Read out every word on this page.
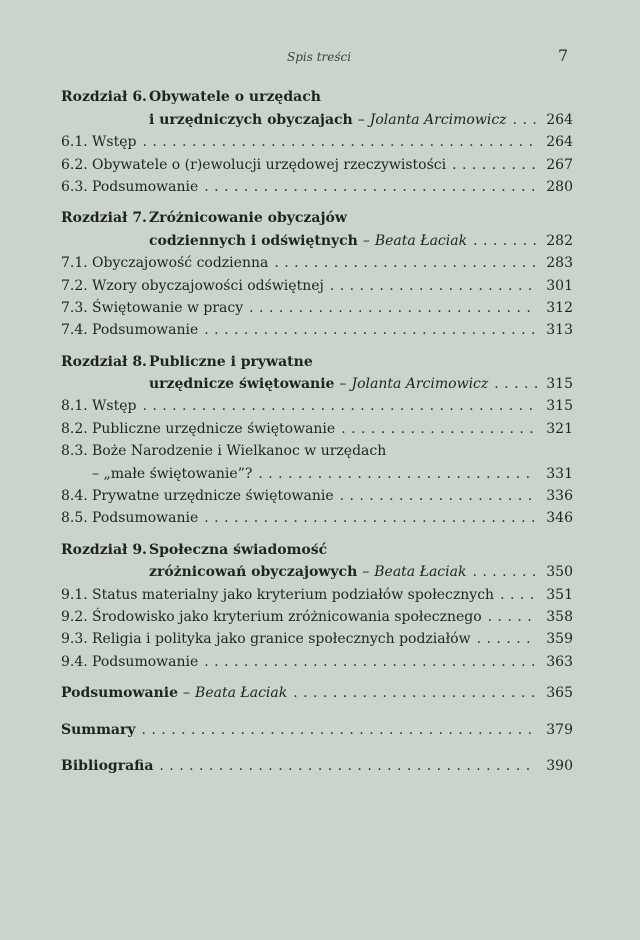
Spis treści	7
Rozdział 6. Obywatele o urzędach
i urzędniczych obyczajach – Jolanta Arcimowicz . . .	264
6.1. Wstęp . . .	264
6.2. Obywatele o (r)ewolucji urzędowej rzeczywistości . . .	267
6.3. Podsumowanie . . .	280
Rozdział 7. Zróżnicowanie obyczajów
codziennych i odświętnych – Beata Łaciak . . .	282
7.1. Obyczajowość codzienna . . .	283
7.2. Wzory obyczajowości odświętnej . . .	301
7.3. Świętowanie w pracy . . .	312
7.4. Podsumowanie . . .	313
Rozdział 8. Publiczne i prywatne
urzędnicze świętowanie – Jolanta Arcimowicz . . .	315
8.1. Wstęp . . .	315
8.2. Publiczne urzędnicze świętowanie . . .	321
8.3. Boże Narodzenie i Wielkanoc w urzędach
– „małe świętowanie”? . . .	331
8.4. Prywatne urzędnicze świętowanie . . .	336
8.5. Podsumowanie . . .	346
Rozdział 9. Społeczna świadomość
zróżnicowań obyczajowych – Beata Łaciak . . .	350
9.1. Status materialny jako kryterium podziałów społecznych . . .	351
9.2. Środowisko jako kryterium zróżnicowania społecznego . . .	358
9.3. Religia i polityka jako granice społecznych podziałów . . .	359
9.4. Podsumowanie . . .	363
Podsumowanie – Beata Łaciak . . .	365
Summary . . .	379
Bibliografia . . .	390
